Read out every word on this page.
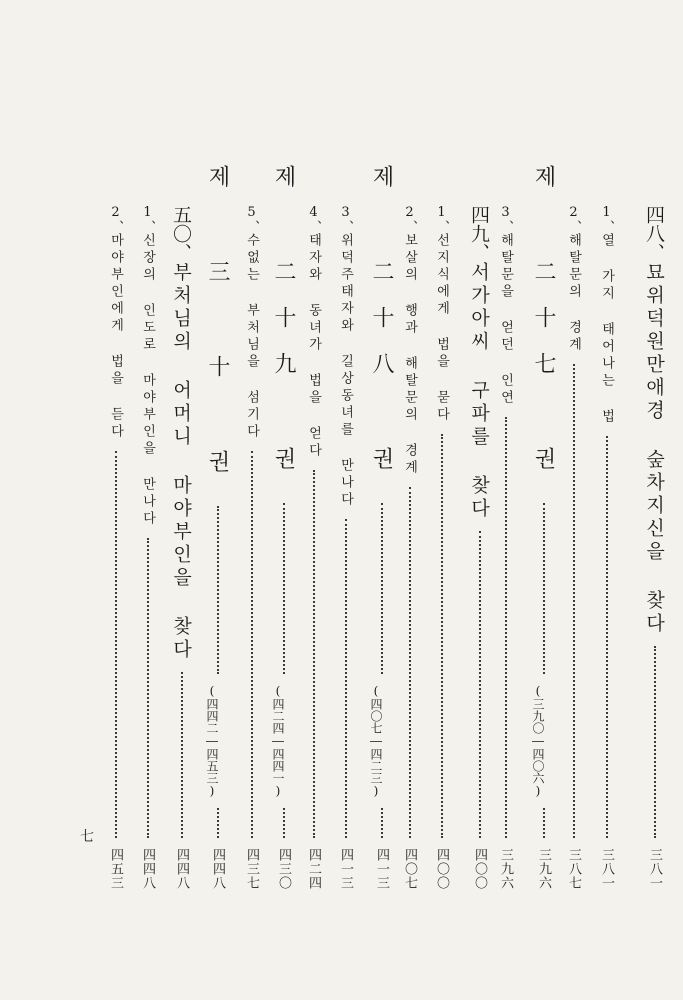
四八、
묘위덕원만애경 숲차지신을 찾다
三八一
1、
열 가지 태어나는 법
三八一
2、
해탈문의 경계
三八七
제 二十七 권
(三九〇―四〇六)
三九六
3、
해탈문을 얻던 인연
三九六
四九、
서가아씨 구파를 찾다
四〇〇
1、
선지식에게 법을 묻다
四〇〇
2、
보살의 행과 해탈문의 경계
四〇七
제 二十八 권
(四〇七―四二三)
四一三
3、
위덕주태자와 길상동녀를 만나다
四一三
4、
태자와 동녀가 법을 얻다
四二四
제 二十九 권
(四二四―四四一)
四三〇
5、
수없는 부처님을 섬기다
四三七
제 三 十 권
(四四二―四五三)
四四八
五〇、
부처님의 어머니 마야부인을 찾다
四四八
1、
신장의 인도로 마야부인을 만나다
四四八
2、
마야부인에게 법을 듣다
四五三
七
